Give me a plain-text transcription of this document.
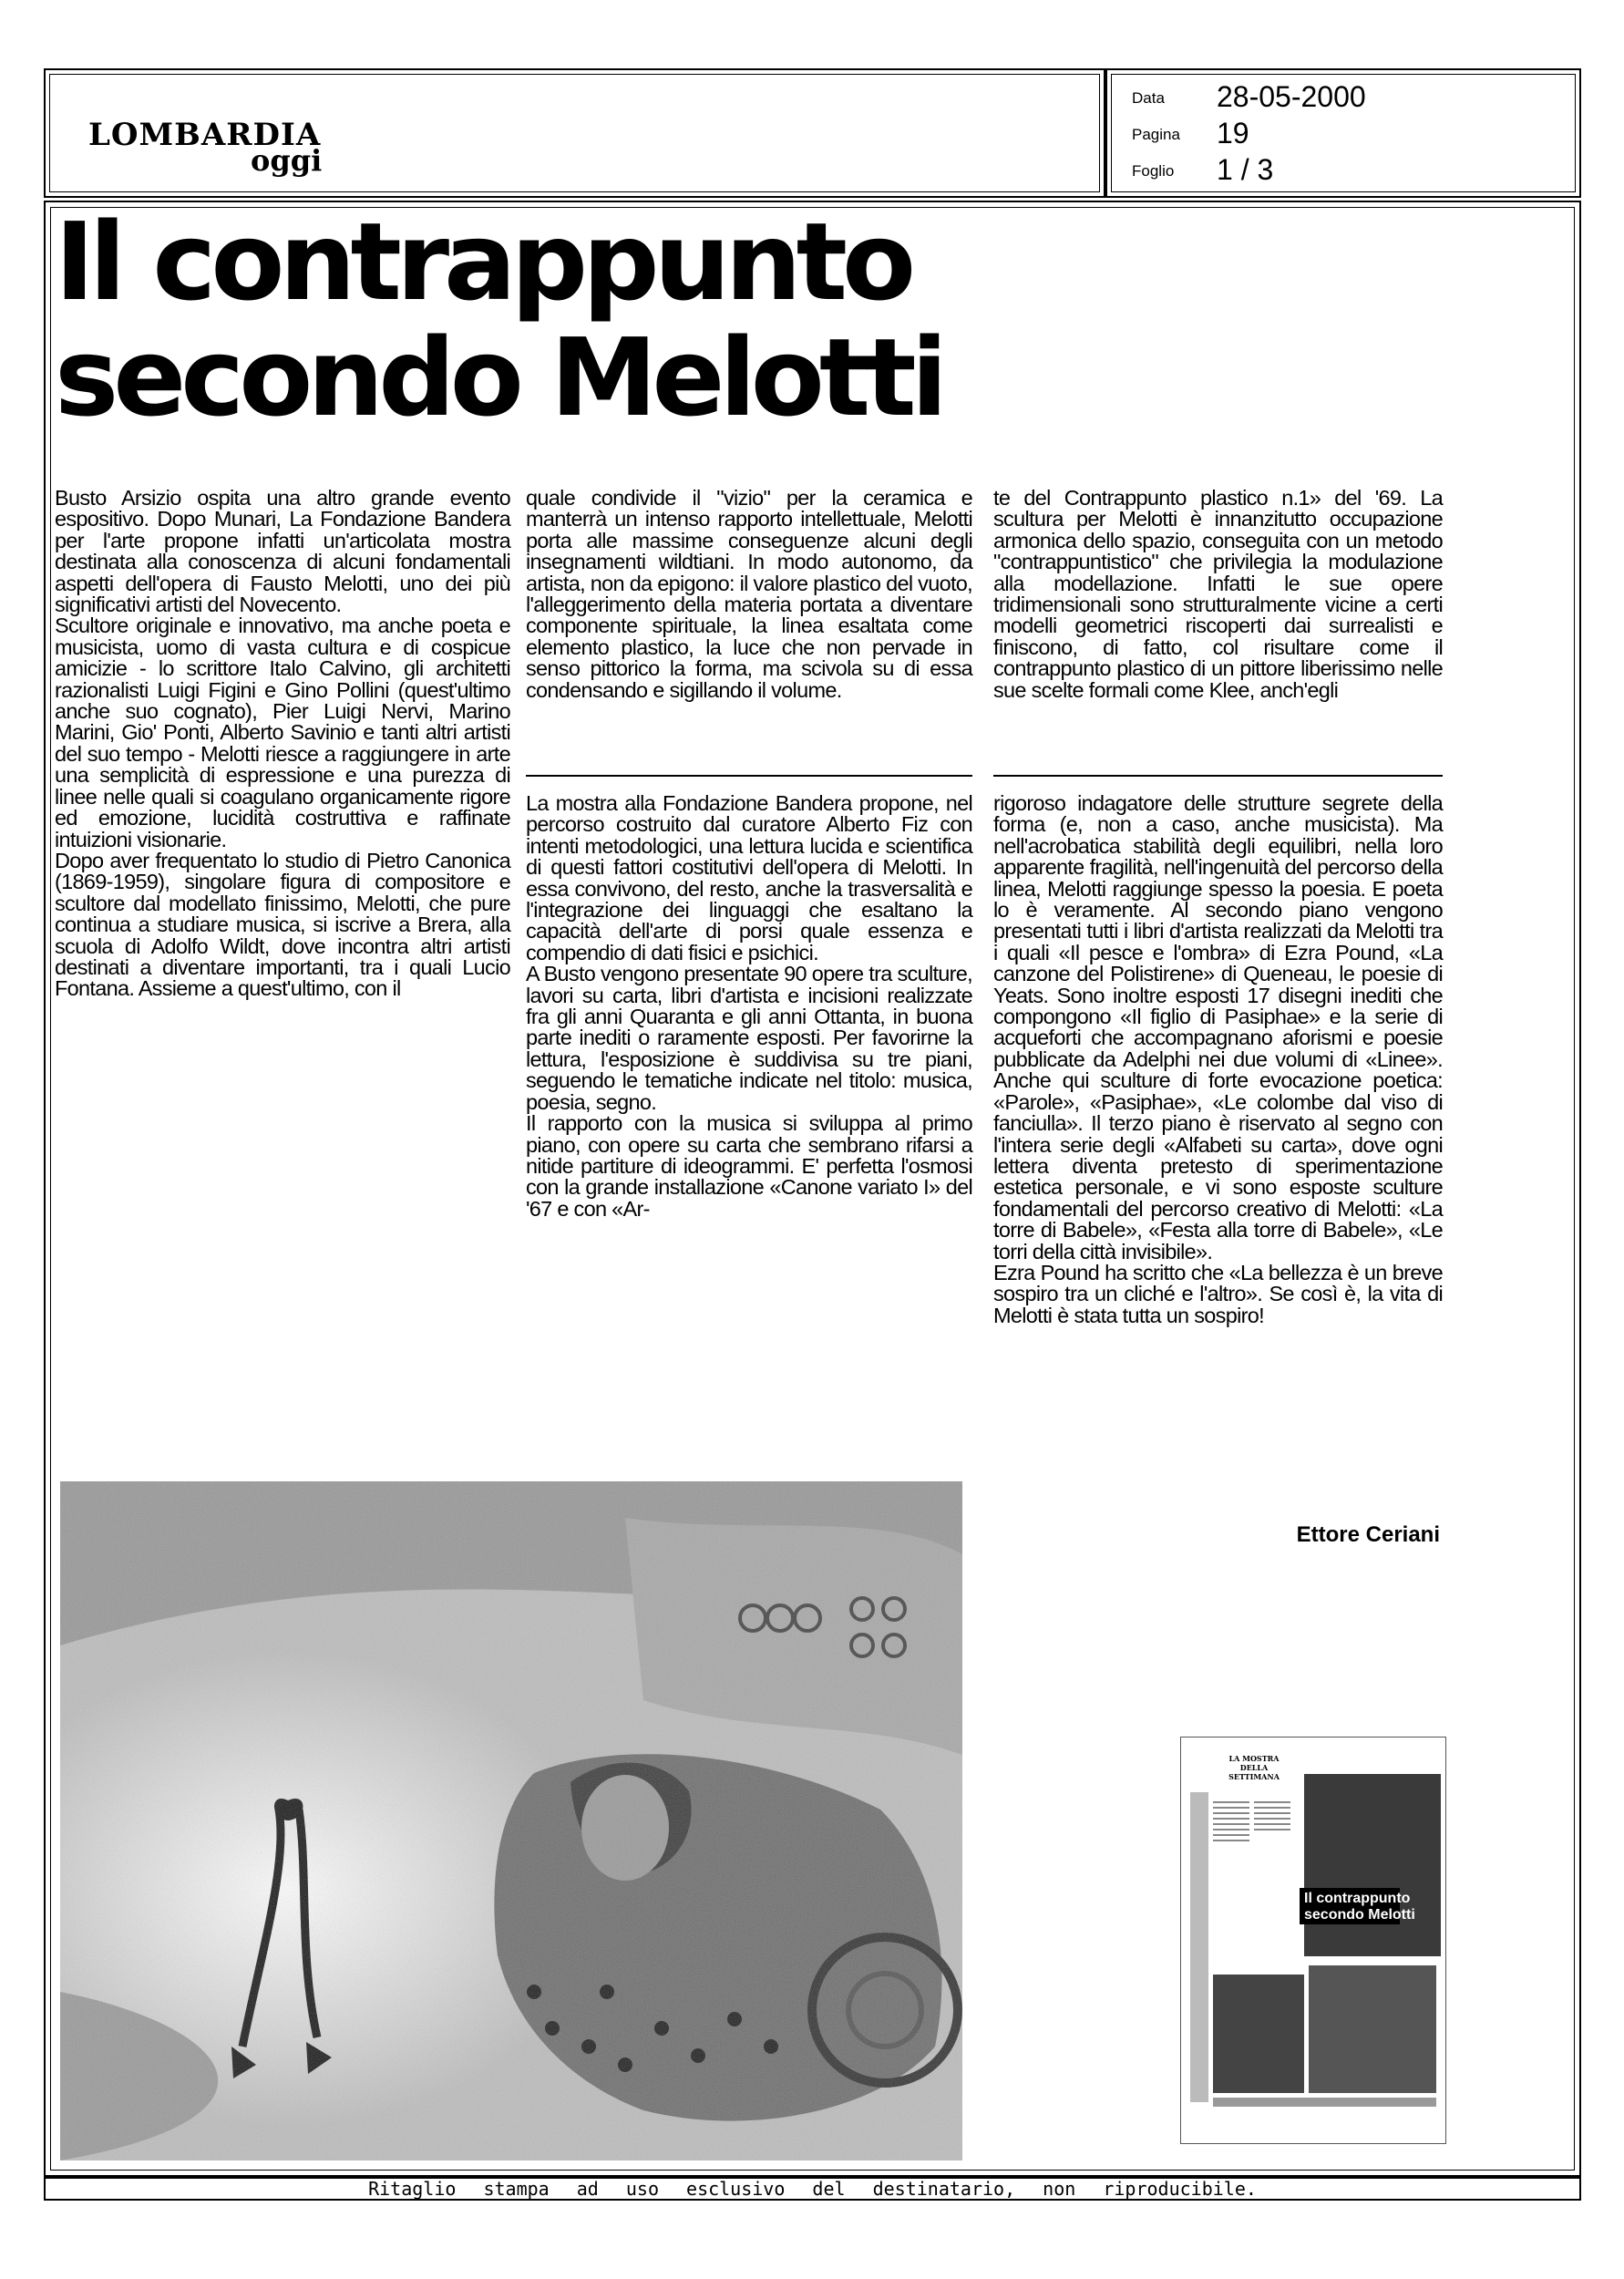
LOMBARDIA
oggi
Data 28-05-2000
Pagina 19
Foglio 1 / 3
Il contrappunto
secondo Melotti

Busto Arsizio ospita una altro grande evento espositivo. Dopo Munari, La Fondazione Bandera per l'arte propone infatti un'articolata mostra destinata alla conoscenza di alcuni fondamentali aspetti dell'opera di Fausto Melotti, uno dei più significativi artisti del Novecento.

Scultore originale e innovativo, ma anche poeta e musicista, uomo di vasta cultura e di cospicue amicizie - lo scrittore Italo Calvino, gli architetti razionalisti Luigi Figini e Gino Pollini (quest'ultimo anche suo cognato), Pier Luigi Nervi, Marino Marini, Gio' Ponti, Alberto Savinio e tanti altri artisti del suo tempo - Melotti riesce a raggiungere in arte una semplicità di espressione e una purezza di linee nelle quali si coagulano organicamente rigore ed emozione, lucidità costruttiva e raffinate intuizioni visionarie.

Dopo aver frequentato lo studio di Pietro Canonica (1869-1959), singolare figura di compositore e scultore dal modellato finissimo, Melotti, che pure continua a studiare musica, si iscrive a Brera, alla scuola di Adolfo Wildt, dove incontra altri artisti destinati a diventare importanti, tra i quali Lucio Fontana. Assieme a quest'ultimo, con il

quale condivide il "vizio" per la ceramica e manterrà un intenso rapporto intellettuale, Melotti porta alle massime conseguenze alcuni degli insegnamenti wildtiani. In modo autonomo, da artista, non da epigono: il valore plastico del vuoto, l'alleggerimento della materia portata a diventare componente spirituale, la linea esaltata come elemento plastico, la luce che non pervade in senso pittorico la forma, ma scivola su di essa condensando e sigillando il volume.

La mostra alla Fondazione Bandera propone, nel percorso costruito dal curatore Alberto Fiz con intenti metodologici, una lettura lucida e scientifica di questi fattori costitutivi dell'opera di Melotti. In essa convivono, del resto, anche la trasversalità e l'integrazione dei linguaggi che esaltano la capacità dell'arte di porsi quale essenza e compendio di dati fisici e psichici.

A Busto vengono presentate 90 opere tra sculture, lavori su carta, libri d'artista e incisioni realizzate fra gli anni Quaranta e gli anni Ottanta, in buona parte inediti o raramente esposti. Per favorirne la lettura, l'esposizione è suddivisa su tre piani, seguendo le tematiche indicate nel titolo: musica, poesia, segno.

Il rapporto con la musica si sviluppa al primo piano, con opere su carta che sembrano rifarsi a nitide partiture di ideogrammi. E' perfetta l'osmosi con la grande installazione «Canone variato I» del '67 e con «Ar-

te del Contrappunto plastico n.1» del '69. La scultura per Melotti è innanzitutto occupazione armonica dello spazio, conseguita con un metodo "contrappuntistico" che privilegia la modulazione alla modellazione. Infatti le sue opere tridimensionali sono strutturalmente vicine a certi modelli geometrici riscoperti dai surrealisti e finiscono, di fatto, col risultare come il contrappunto plastico di un pittore liberissimo nelle sue scelte formali come Klee, anch'egli

rigoroso indagatore delle strutture segrete della forma (e, non a caso, anche musicista). Ma nell'acrobatica stabilità degli equilibri, nella loro apparente fragilità, nell'ingenuità del percorso della linea, Melotti raggiunge spesso la poesia. E poeta lo è veramente. Al secondo piano vengono presentati tutti i libri d'artista realizzati da Melotti tra i quali «Il pesce e l'ombra» di Ezra Pound, «La canzone del Polistirene» di Queneau, le poesie di Yeats. Sono inoltre esposti 17 disegni inediti che compongono «Il figlio di Pasiphae» e la serie di acqueforti che accompagnano aforismi e poesie pubblicate da Adelphi nei due volumi di «Linee». Anche qui sculture di forte evocazione poetica: «Parole», «Pasiphae», «Le colombe dal viso di fanciulla». Il terzo piano è riservato al segno con l'intera serie degli «Alfabeti su carta», dove ogni lettera diventa pretesto di sperimentazione estetica personale, e vi sono esposte sculture fondamentali del percorso creativo di Melotti: «La torre di Babele», «Festa alla torre di Babele», «Le torri della città invisibile».

Ezra Pound ha scritto che «La bellezza è un breve sospiro tra un cliché e l'altro». Se così è, la vita di Melotti è stata tutta un sospiro!

Ettore Ceriani
Il contrappunto
secondo Melotti
LA MOSTRA DELLA SETTIMANA
Ritaglio stampa ad uso esclusivo del destinatario, non riproducibile.
